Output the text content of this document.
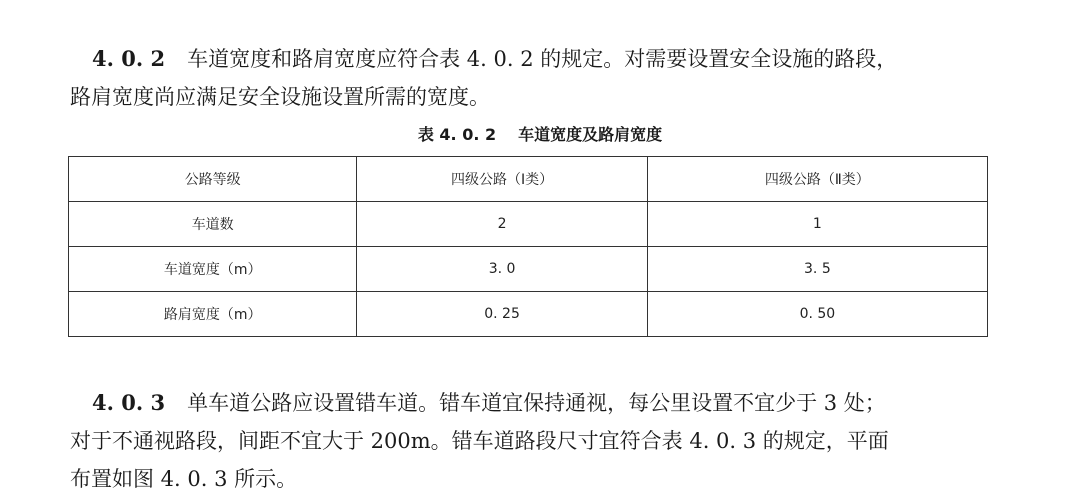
4. 0. 2 车道宽度和路肩宽度应符合表 4. 0. 2 的规定。对需要设置安全设施的路段，
路肩宽度尚应满足安全设施设置所需的宽度。
表 4. 0. 2 车道宽度及路肩宽度
公路等级	四级公路（Ⅰ类）	四级公路（Ⅱ类）
车道数	2	1
车道宽度（m）	3. 0	3. 5
路肩宽度（m）	0. 25	0. 50
4. 0. 3 单车道公路应设置错车道。错车道宜保持通视，每公里设置不宜少于 3 处；
对于不通视路段，间距不宜大于 200m。错车道路段尺寸宜符合表 4. 0. 3 的规定，平面
布置如图 4. 0. 3 所示。
